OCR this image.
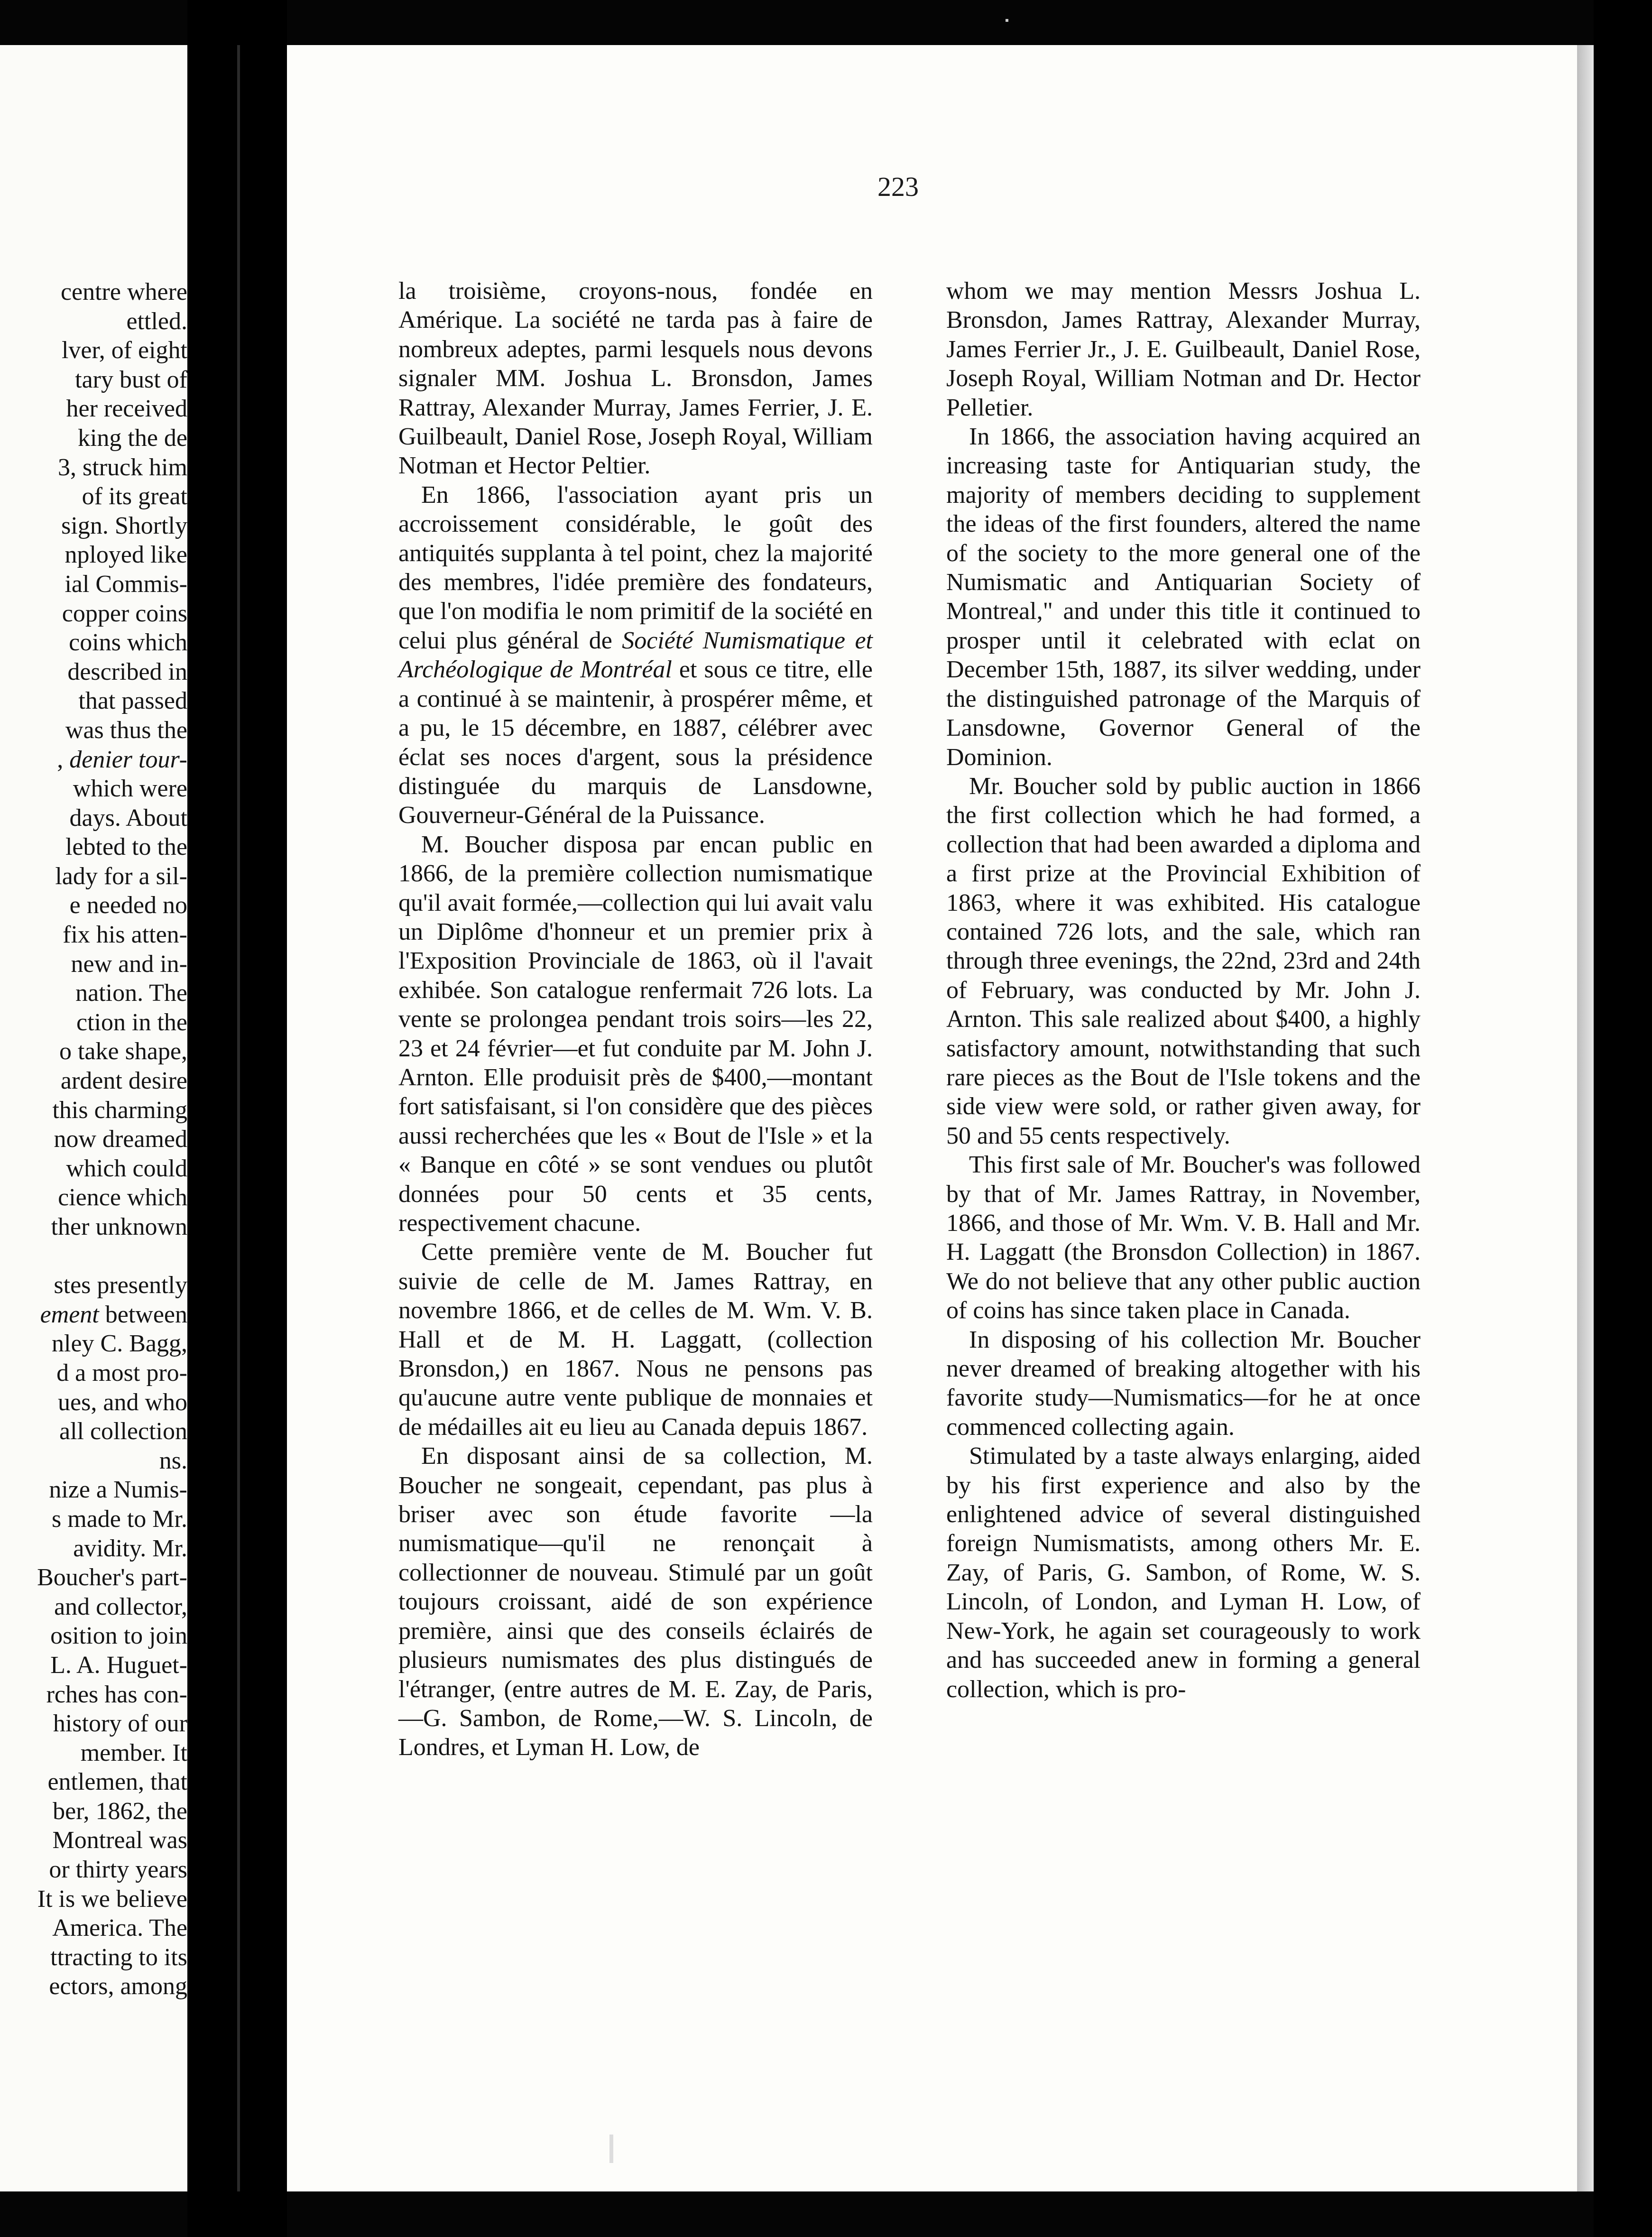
centre where
ettled.
lver, of eight
tary bust of
her received
king the de
3, struck him
of its great
sign. Shortly
nployed like
ial Commis-
copper coins
coins which
described in
that passed
was thus the
, denier tour-
which were
days. About
lebted to the
lady for a sil-
e needed no
fix his atten-
new and in-
nation. The
ction in the
o take shape,
ardent desire
this charming
now dreamed
which could
cience which
ther unknown
stes presently
ement between
nley C. Bagg,
d a most pro-
ues, and who
all collection
ns.
nize a Numis-
s made to Mr.
avidity. Mr.
Boucher's part-
and collector,
osition to join
L. A. Huguet-
rches has con-
history of our
member. It
entlemen, that
ber, 1862, the
Montreal was
or thirty years
It is we believe
America. The
ttracting to its
ectors, among
223

la troisième, croyons-nous, fondée en Amérique. La société ne tarda pas à faire de nombreux adeptes, parmi lesquels nous devons signaler MM. Joshua L. Bronsdon, James Rattray, Alexander Murray, James Ferrier, J. E. Guilbeault, Daniel Rose, Joseph Royal, William Notman et Hector Peltier.

En 1866, l'association ayant pris un accroissement considérable, le goût des antiquités supplanta à tel point, chez la majorité des membres, l'idée première des fondateurs, que l'on modifia le nom primitif de la société en celui plus général de Société Numismatique et Archéologique de Montréal et sous ce titre, elle a continué à se maintenir, à prospérer même, et a pu, le 15 décembre, en 1887, célébrer avec éclat ses noces d'argent, sous la présidence distinguée du marquis de Lansdowne, Gouverneur-Général de la Puissance.

M. Boucher disposa par encan public en 1866, de la première collection numismatique qu'il avait formée,—collection qui lui avait valu un Diplôme d'honneur et un premier prix à l'Exposition Provinciale de 1863, où il l'avait exhibée. Son catalogue renfermait 726 lots. La vente se prolongea pendant trois soirs—les 22, 23 et 24 février—et fut conduite par M. John J. Arnton. Elle produisit près de $400,—montant fort satisfaisant, si l'on considère que des pièces aussi recherchées que les « Bout de l'Isle » et la « Banque en côté » se sont vendues ou plutôt données pour 50 cents et 35 cents, respectivement chacune.

Cette première vente de M. Boucher fut suivie de celle de M. James Rattray, en novembre 1866, et de celles de M. Wm. V. B. Hall et de M. H. Laggatt, (collection Bronsdon,) en 1867. Nous ne pensons pas qu'aucune autre vente publique de monnaies et de médailles ait eu lieu au Canada depuis 1867.

En disposant ainsi de sa collection, M. Boucher ne songeait, cependant, pas plus à briser avec son étude favorite —la numismatique—qu'il ne renonçait à collectionner de nouveau. Stimulé par un goût toujours croissant, aidé de son expérience première, ainsi que des conseils éclairés de plusieurs numismates des plus distingués de l'étranger, (entre autres de M. E. Zay, de Paris,—G. Sambon, de Rome,—W. S. Lincoln, de Londres, et Lyman H. Low, de

whom we may mention Messrs Joshua L. Bronsdon, James Rattray, Alexander Murray, James Ferrier Jr., J. E. Guilbeault, Daniel Rose, Joseph Royal, William Notman and Dr. Hector Pelletier.

In 1866, the association having acquired an increasing taste for Antiquarian study, the majority of members deciding to supplement the ideas of the first founders, altered the name of the society to the more general one of the Numismatic and Antiquarian Society of Montreal," and under this title it continued to prosper until it celebrated with eclat on December 15th, 1887, its silver wedding, under the distinguished patronage of the Marquis of Lansdowne, Governor General of the Dominion.

Mr. Boucher sold by public auction in 1866 the first collection which he had formed, a collection that had been awarded a diploma and a first prize at the Provincial Exhibition of 1863, where it was exhibited. His catalogue contained 726 lots, and the sale, which ran through three evenings, the 22nd, 23rd and 24th of February, was conducted by Mr. John J. Arnton. This sale realized about $400, a highly satisfactory amount, notwithstanding that such rare pieces as the Bout de l'Isle tokens and the side view were sold, or rather given away, for 50 and 55 cents respectively.

This first sale of Mr. Boucher's was followed by that of Mr. James Rattray, in November, 1866, and those of Mr. Wm. V. B. Hall and Mr. H. Laggatt (the Bronsdon Collection) in 1867. We do not believe that any other public auction of coins has since taken place in Canada.

In disposing of his collection Mr. Boucher never dreamed of breaking altogether with his favorite study—Numismatics—for he at once commenced collecting again.

Stimulated by a taste always enlarging, aided by his first experience and also by the enlightened advice of several distinguished foreign Numismatists, among others Mr. E. Zay, of Paris, G. Sambon, of Rome, W. S. Lincoln, of London, and Lyman H. Low, of New-York, he again set courageously to work and has succeeded anew in forming a general collection, which is pro-
